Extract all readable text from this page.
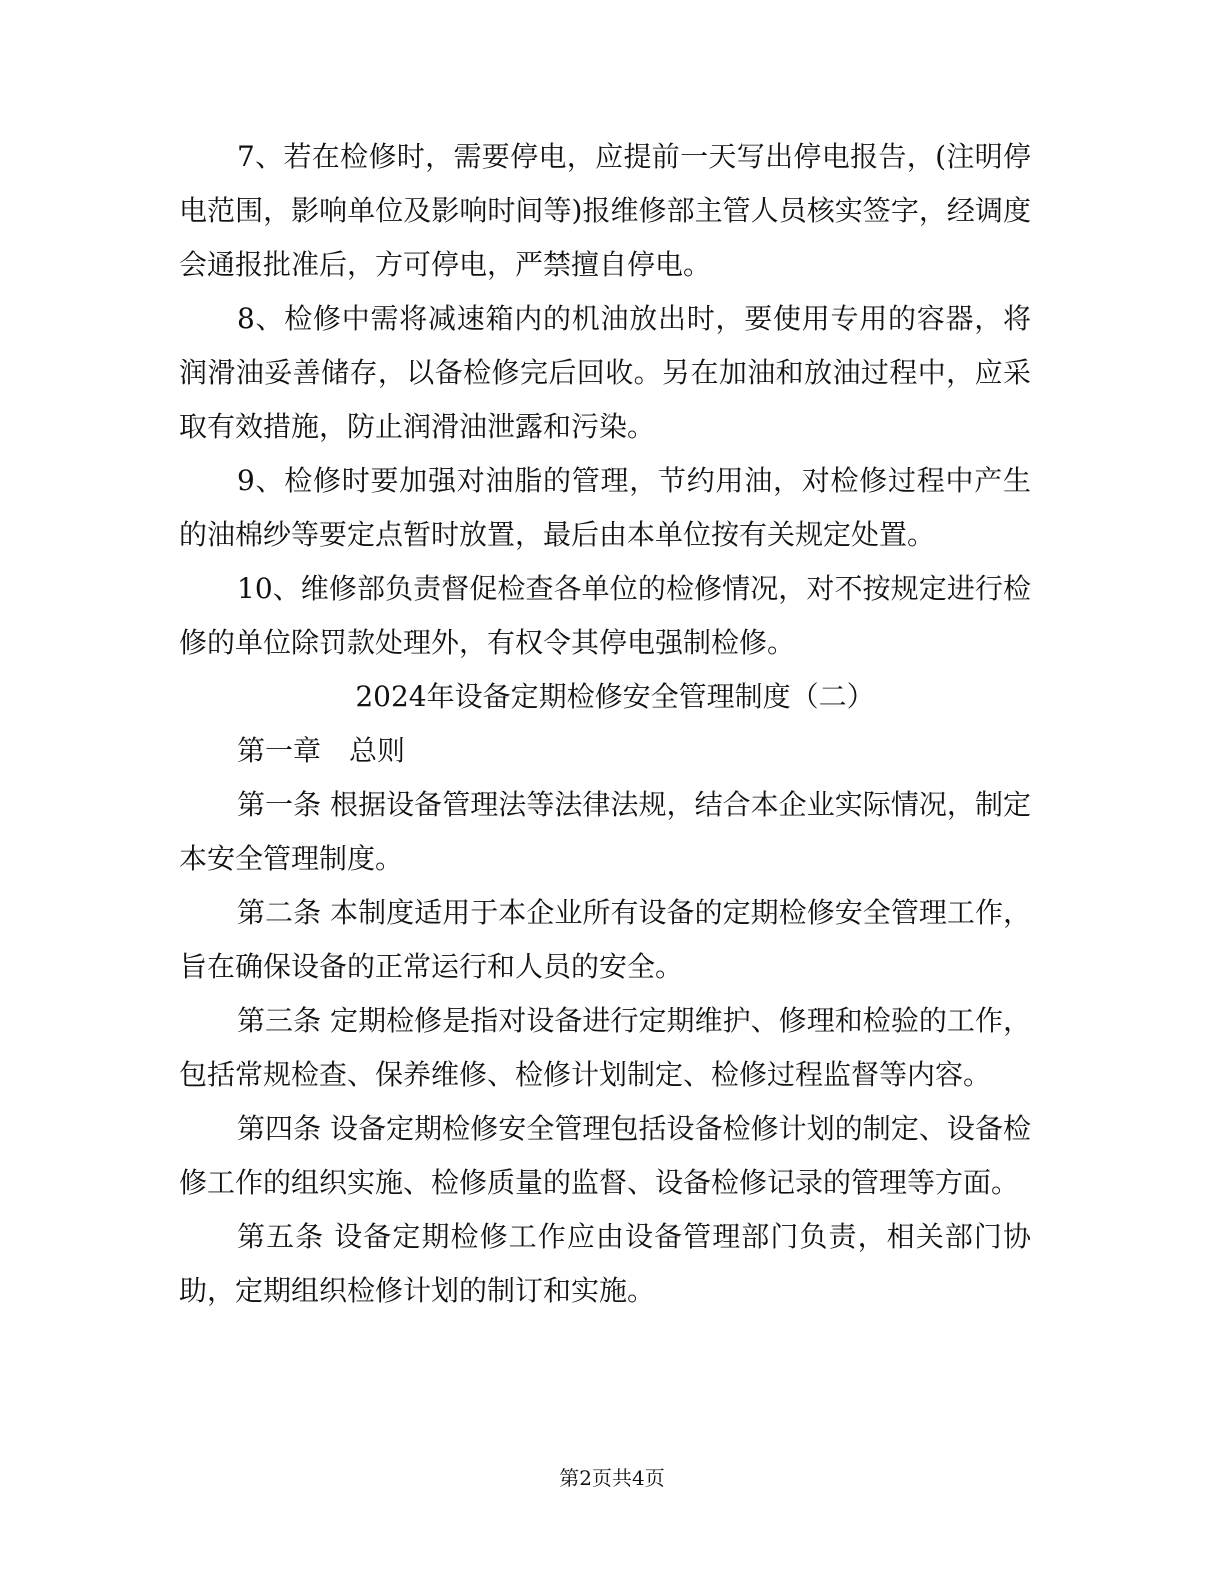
7、若在检修时，需要停电，应提前一天写出停电报告，(注明停电范围，影响单位及影响时间等)报维修部主管人员核实签字，经调度会通报批准后，方可停电，严禁擅自停电。

8、检修中需将减速箱内的机油放出时，要使用专用的容器，将润滑油妥善储存，以备检修完后回收。另在加油和放油过程中，应采取有效措施，防止润滑油泄露和污染。

9、检修时要加强对油脂的管理，节约用油，对检修过程中产生的油棉纱等要定点暂时放置，最后由本单位按有关规定处置。

10、维修部负责督促检查各单位的检修情况，对不按规定进行检修的单位除罚款处理外，有权令其停电强制检修。

2024年设备定期检修安全管理制度（二）

第一章　总则

第一条 根据设备管理法等法律法规，结合本企业实际情况，制定本安全管理制度。

第二条 本制度适用于本企业所有设备的定期检修安全管理工作，旨在确保设备的正常运行和人员的安全。

第三条 定期检修是指对设备进行定期维护、修理和检验的工作，包括常规检查、保养维修、检修计划制定、检修过程监督等内容。

第四条 设备定期检修安全管理包括设备检修计划的制定、设备检修工作的组织实施、检修质量的监督、设备检修记录的管理等方面。

第五条 设备定期检修工作应由设备管理部门负责，相关部门协助，定期组织检修计划的制订和实施。

第2页共4页
